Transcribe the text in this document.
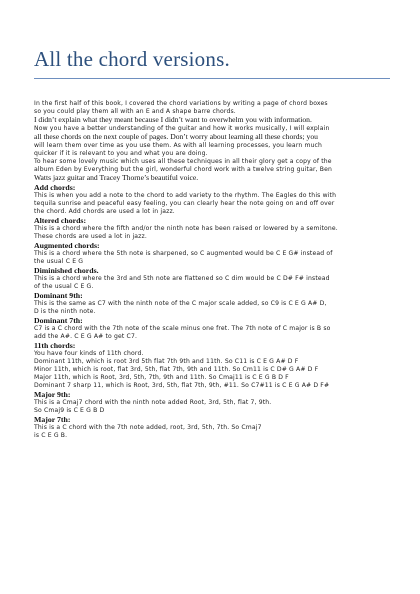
All the chord versions.
In the first half of this book, I covered the chord variations by writing a page of chord boxes
so you could play them all with an E and A shape barre chords.
I didn’t explain what they meant because I didn’t want to overwhelm you with information.
Now you have a better understanding of the guitar and how it works musically, I will explain
all these chords on the next couple of pages. Don’t worry about learning all these chords; you
will learn them over time as you use them. As with all learning processes, you learn much
quicker if it is relevant to you and what you are doing.
To hear some lovely music which uses all these techniques in all their glory get a copy of the
album Eden by Everything but the girl, wonderful chord work with a twelve string guitar, Ben
Watts jazz guitar and Tracey Thorne’s beautiful voice.
Add chords:
This is when you add a note to the chord to add variety to the rhythm. The Eagles do this with
tequila sunrise and peaceful easy feeling, you can clearly hear the note going on and off over
the chord. Add chords are used a lot in jazz.
Altered chords:
This is a chord where the fifth and/or the ninth note has been raised or lowered by a semitone.
These chords are used a lot in jazz.
Augmented chords:
This is a chord where the 5th note is sharpened, so C augmented would be C E G# instead of
the usual C E G
Diminished chords.
This is a chord where the 3rd and 5th note are flattened so C dim would be C D# F# instead
of the usual C E G.
Dominant 9th:
This is the same as C7 with the ninth note of the C major scale added, so C9 is C E G A# D,
D is the ninth note.
Dominant 7th:
C7 is a C chord with the 7th note of the scale minus one fret. The 7th note of C major is B so
add the A#. C E G A# to get C7.
11th chords:
You have four kinds of 11th chord.
Dominant 11th, which is root 3rd 5th flat 7th 9th and 11th. So C11 is C E G A# D F
Minor 11th, which is root, flat 3rd, 5th, flat 7th, 9th and 11th. So Cm11 is C D# G A# D F
Major 11th, which is Root, 3rd, 5th, 7th, 9th and 11th. So Cmaj11 is C E G B D F
Dominant 7 sharp 11, which is Root, 3rd, 5th, flat 7th, 9th, #11. So C7#11 is C E G A# D F#
Major 9th:
This is a Cmaj7 chord with the ninth note added Root, 3rd, 5th, flat 7, 9th.
So Cmaj9 is C E G B D
Major 7th:
This is a C chord with the 7th note added, root, 3rd, 5th, 7th. So Cmaj7
is C E G B.
